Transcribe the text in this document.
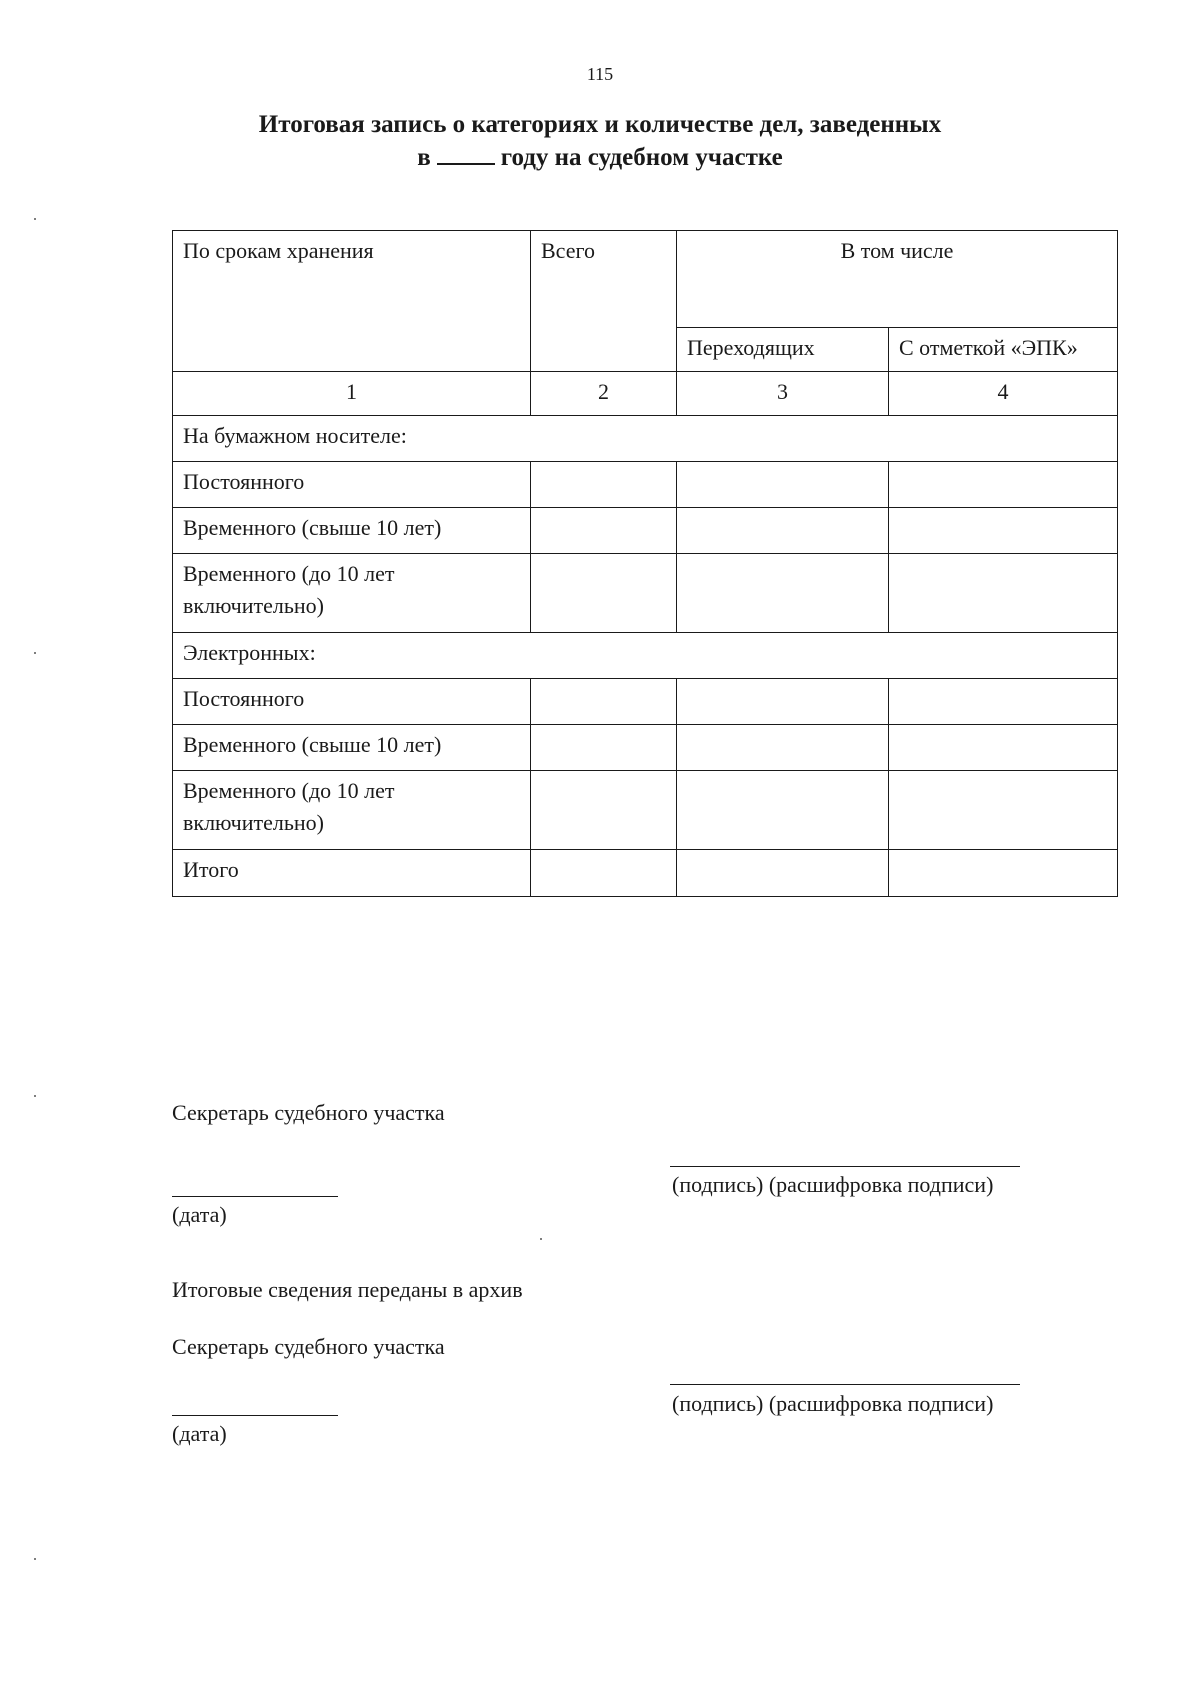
115
Итоговая запись о категориях и количестве дел, заведенных
в	году на судебном участке
По срокам хранения	Всего	В том числе	
		Переходящих	С отметкой «ЭПК»
1	2	3	4
На бумажном носителе:			
Постоянного			
Временного (свыше 10 лет)			
Временного (до 10 лет включительно)			
Электронных:			
Постоянного			
Временного (свыше 10 лет)			
Временного (до 10 лет включительно)			
Итого			
Секретарь судебного участка
(подпись) (расшифровка подписи)
(дата)
Итоговые сведения переданы в архив
Секретарь судебного участка
(подпись) (расшифровка подписи)
(дата)
